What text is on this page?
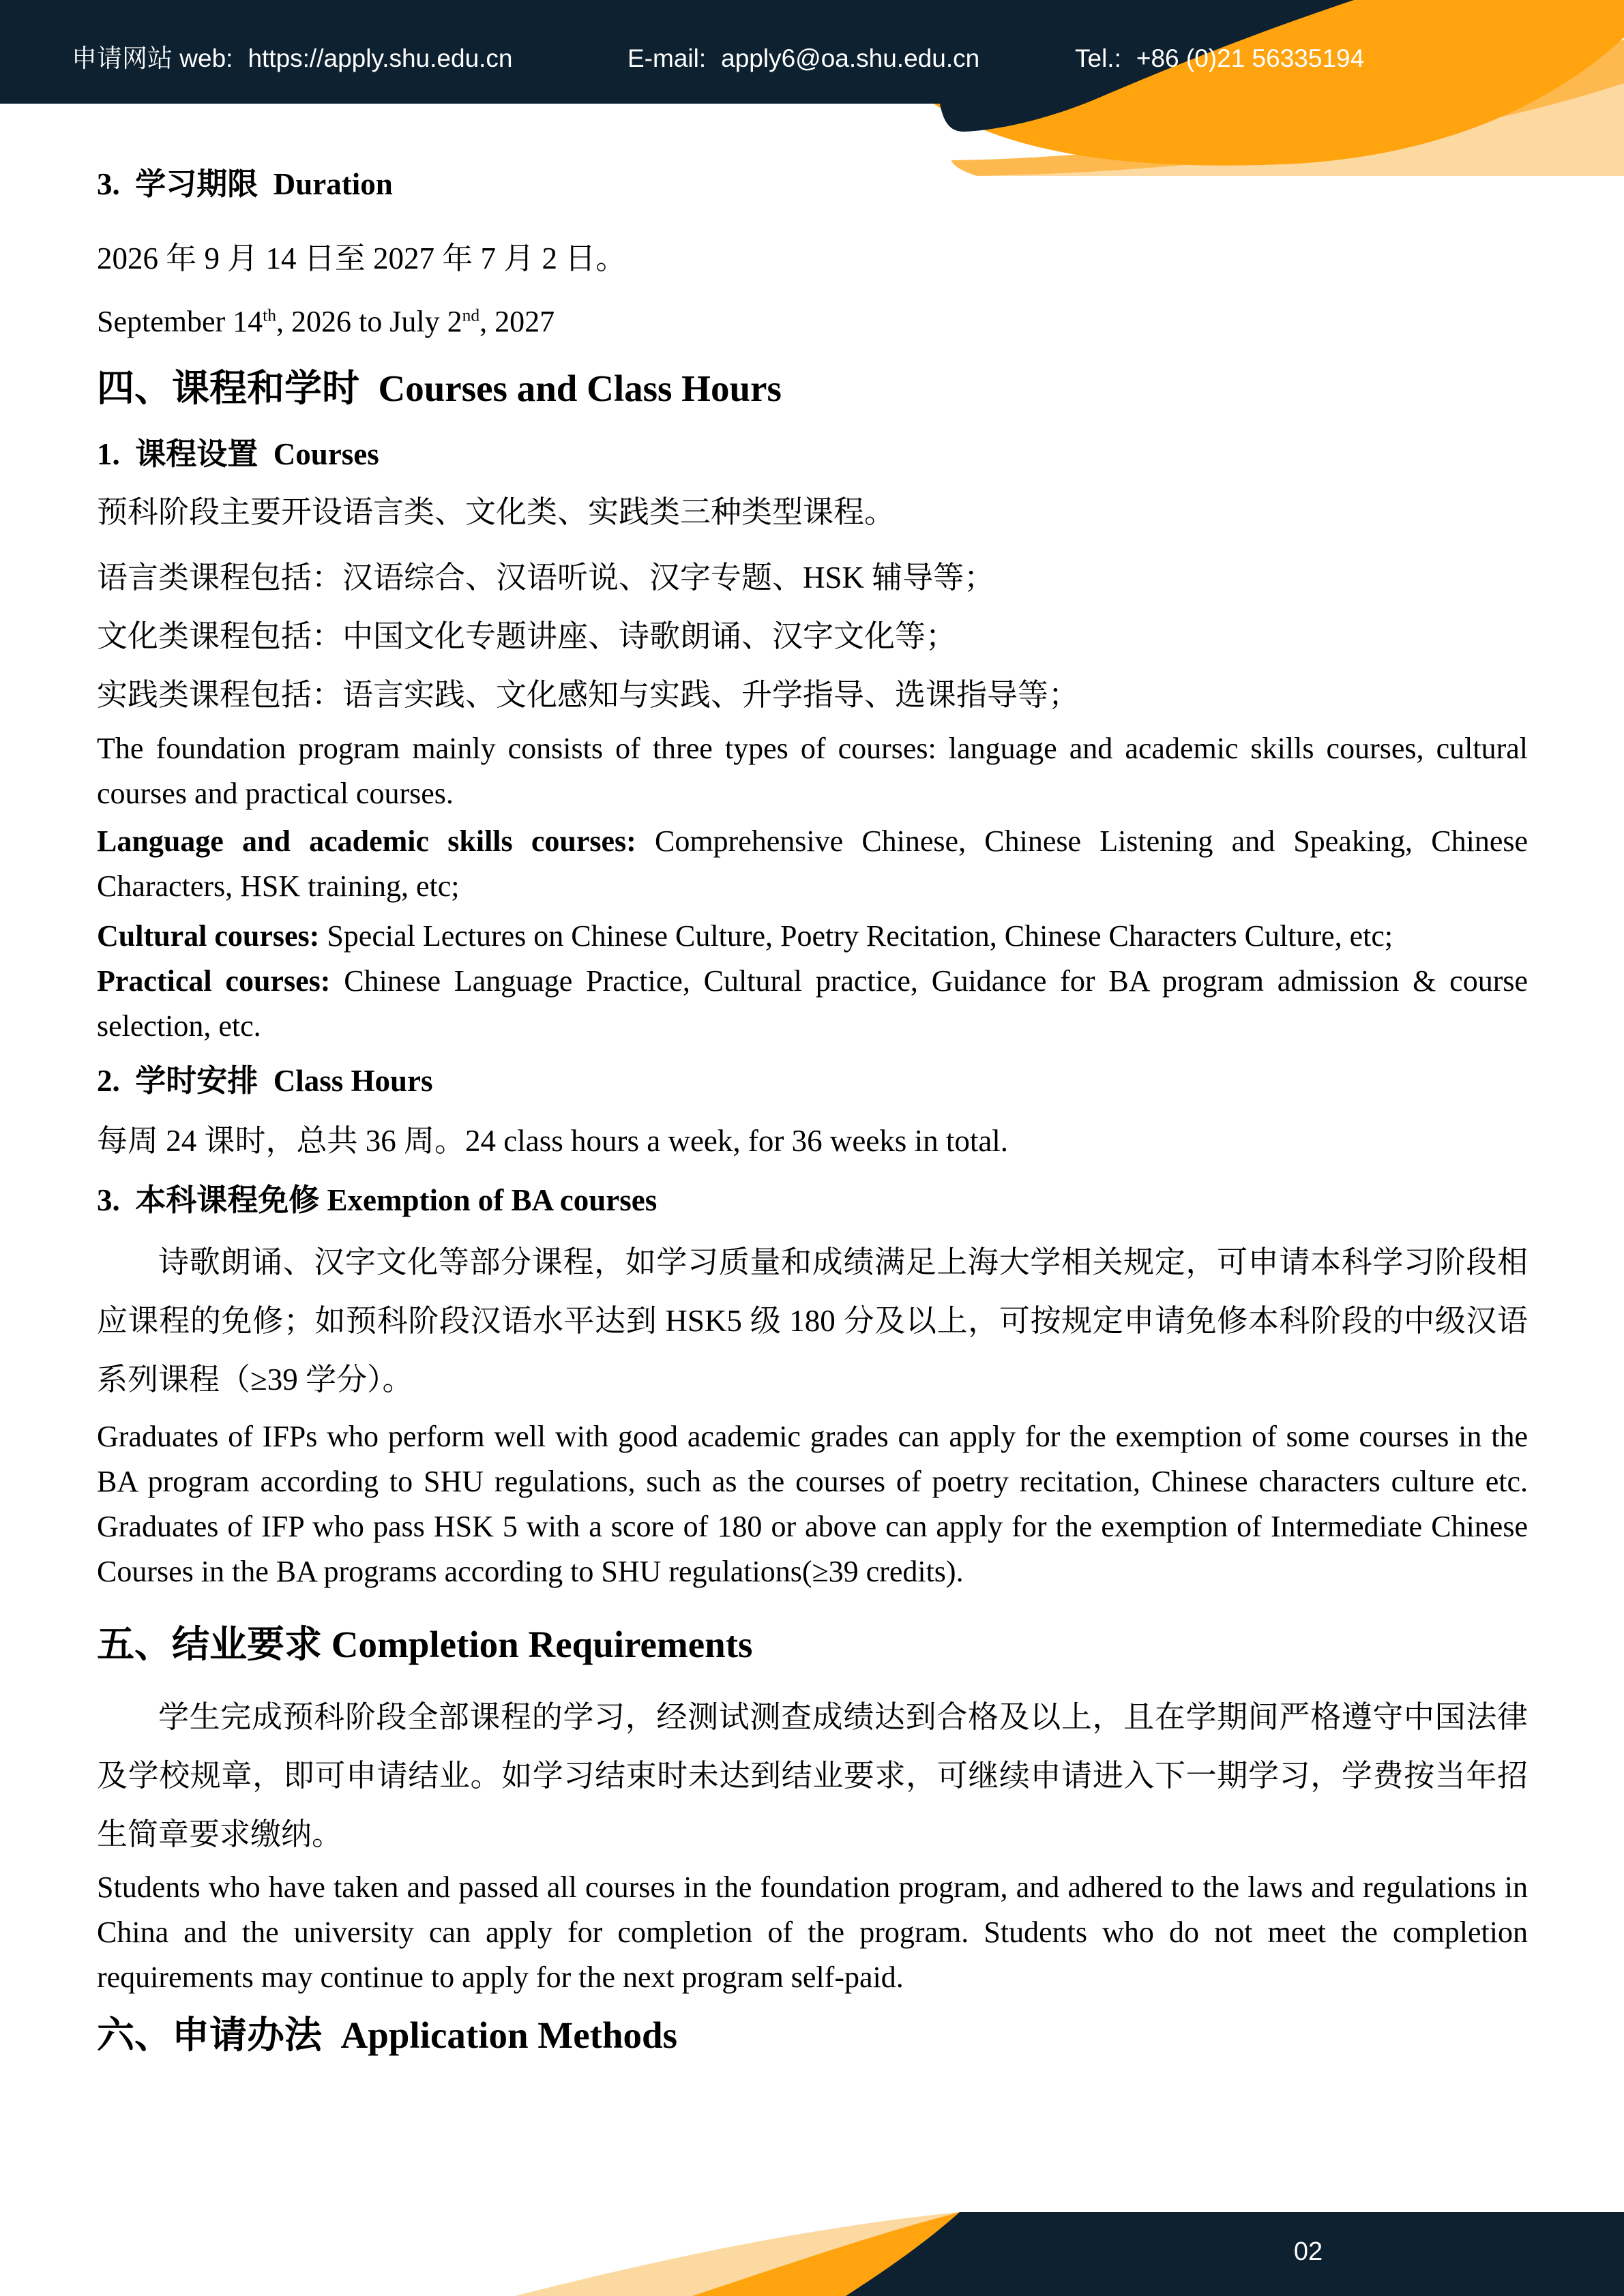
申请网站 web: https://apply.shu.edu.cn	E-mail: apply6@oa.shu.edu.cn	Tel.: +86 (0)21 56335194

3.  学习期限  Duration

2026 年 9 月 14 日至 2027 年 7 月 2 日。

September 14th, 2026 to July 2nd, 2027

四、课程和学时  Courses and Class Hours

1.  课程设置  Courses

预科阶段主要开设语言类、文化类、实践类三种类型课程。

语言类课程包括：汉语综合、汉语听说、汉字专题、HSK 辅导等；

文化类课程包括：中国文化专题讲座、诗歌朗诵、汉字文化等；

实践类课程包括：语言实践、文化感知与实践、升学指导、选课指导等；

The foundation program mainly consists of three types of courses: language and academic skills courses, cultural courses and practical courses.

Language and academic skills courses: Comprehensive Chinese, Chinese Listening and Speaking, Chinese Characters, HSK training, etc;

Cultural courses: Special Lectures on Chinese Culture, Poetry Recitation, Chinese Characters Culture, etc;

Practical courses: Chinese Language Practice, Cultural practice, Guidance for BA program admission & course selection, etc.

2.  学时安排  Class Hours

每周 24 课时，总共 36 周。24 class hours a week, for 36 weeks in total.

3.  本科课程免修 Exemption of BA courses

诗歌朗诵、汉字文化等部分课程，如学习质量和成绩满足上海大学相关规定，可申请本科学习阶段相应课程的免修；如预科阶段汉语水平达到 HSK5 级 180 分及以上，可按规定申请免修本科阶段的中级汉语系列课程（≥39 学分）。

Graduates of IFPs who perform well with good academic grades can apply for the exemption of some courses in the BA program according to SHU regulations, such as the courses of poetry recitation, Chinese characters culture etc. Graduates of IFP who pass HSK 5 with a score of 180 or above can apply for the exemption of Intermediate Chinese Courses in the BA programs according to SHU regulations(≥39 credits).

五、结业要求 Completion Requirements

学生完成预科阶段全部课程的学习，经测试测查成绩达到合格及以上，且在学期间严格遵守中国法律及学校规章，即可申请结业。如学习结束时未达到结业要求，可继续申请进入下一期学习，学费按当年招生简章要求缴纳。

Students who have taken and passed all courses in the foundation program, and adhered to the laws and regulations in China and the university can apply for completion of the program. Students who do not meet the completion requirements may continue to apply for the next program self-paid.

六、申请办法  Application Methods

02
